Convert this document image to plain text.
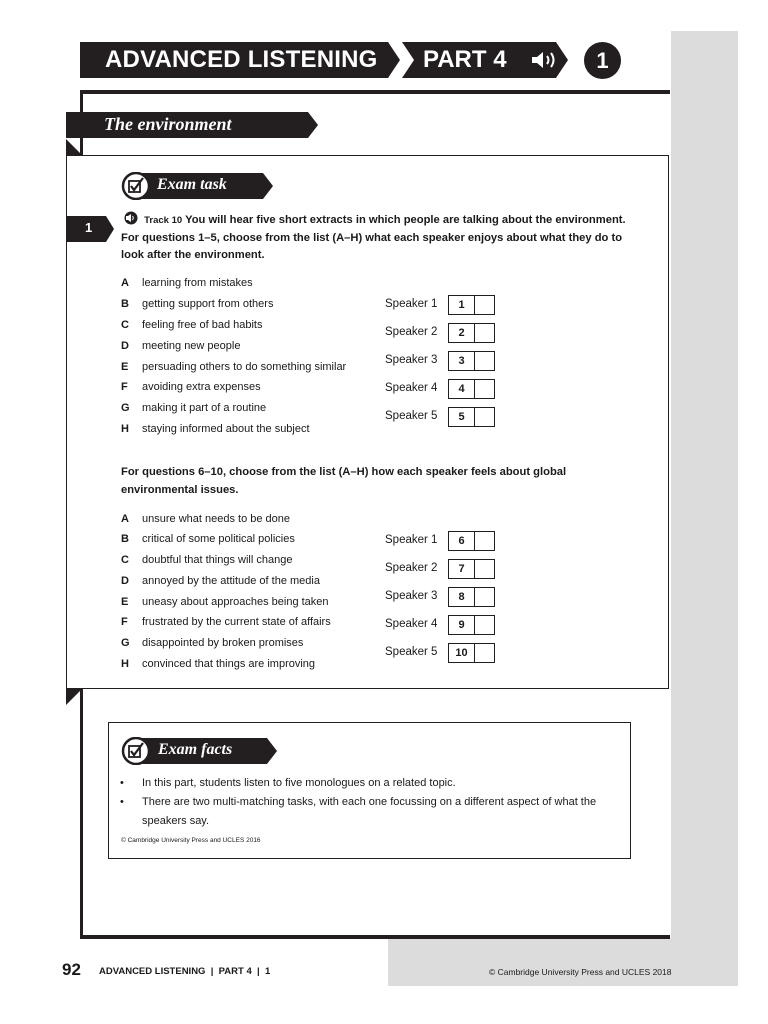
ADVANCED LISTENING PART 4	1
The environment
Exam task
1	Track 10 You will hear five short extracts in which people are talking about the environment. For questions 1–5, choose from the list (A–H) what each speaker enjoys about what they do to look after the environment.
A learning from mistakes
B getting support from others
C feeling free of bad habits
D meeting new people
E persuading others to do something similar
F avoiding extra expenses
G making it part of a routine
H staying informed about the subject
Speaker 1	1
Speaker 2	2
Speaker 3	3
Speaker 4	4
Speaker 5	5
For questions 6–10, choose from the list (A–H) how each speaker feels about global environmental issues.
A unsure what needs to be done
B critical of some political policies
C doubtful that things will change
D annoyed by the attitude of the media
E uneasy about approaches being taken
F frustrated by the current state of affairs
G disappointed by broken promises
H convinced that things are improving
Speaker 1	6
Speaker 2	7
Speaker 3	8
Speaker 4	9
Speaker 5	10
Exam facts
•	In this part, students listen to five monologues on a related topic.
•	There are two multi-matching tasks, with each one focussing on a different aspect of what the speakers say.
© Cambridge University Press and UCLES 2016
92 ADVANCED LISTENING  |  PART 4  |  1	© Cambridge University Press and UCLES 2018
